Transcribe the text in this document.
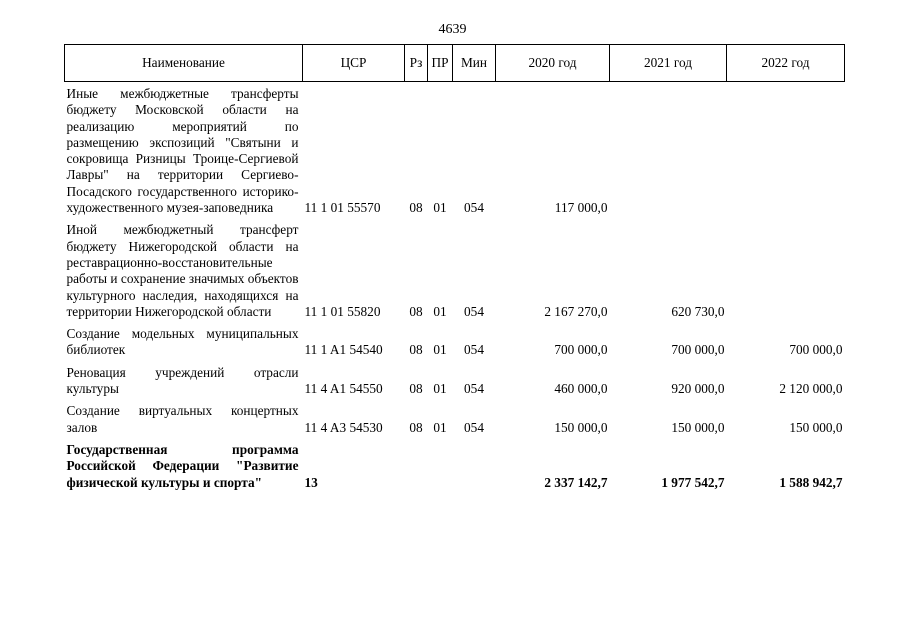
4639
Наименование	ЦСР	Рз	ПР	Мин	2020 год	2021 год	2022 год
Иные межбюджетные трансферты бюджету Московской области на реализацию мероприятий по размещению экспозиций "Святыни и сокровища Ризницы Троице-Сергиевой Лавры" на территории Сергиево-Посадского государственного историко-художественного музея-заповедника	11 1 01 55570	08	01	054	117 000,0		
Иной межбюджетный трансферт бюджету Нижегородской области на реставрационно-восстановительные работы и сохранение значимых объектов культурного наследия, находящихся на территории Нижегородской области	11 1 01 55820	08	01	054	2 167 270,0	620 730,0	
Создание модельных муниципальных библиотек	11 1 A1 54540	08	01	054	700 000,0	700 000,0	700 000,0
Реновация учреждений отрасли культуры	11 4 A1 54550	08	01	054	460 000,0	920 000,0	2 120 000,0
Создание виртуальных концертных залов	11 4 A3 54530	08	01	054	150 000,0	150 000,0	150 000,0
Государственная программа Российской Федерации "Развитие физической культуры и спорта"	13				2 337 142,7	1 977 542,7	1 588 942,7
